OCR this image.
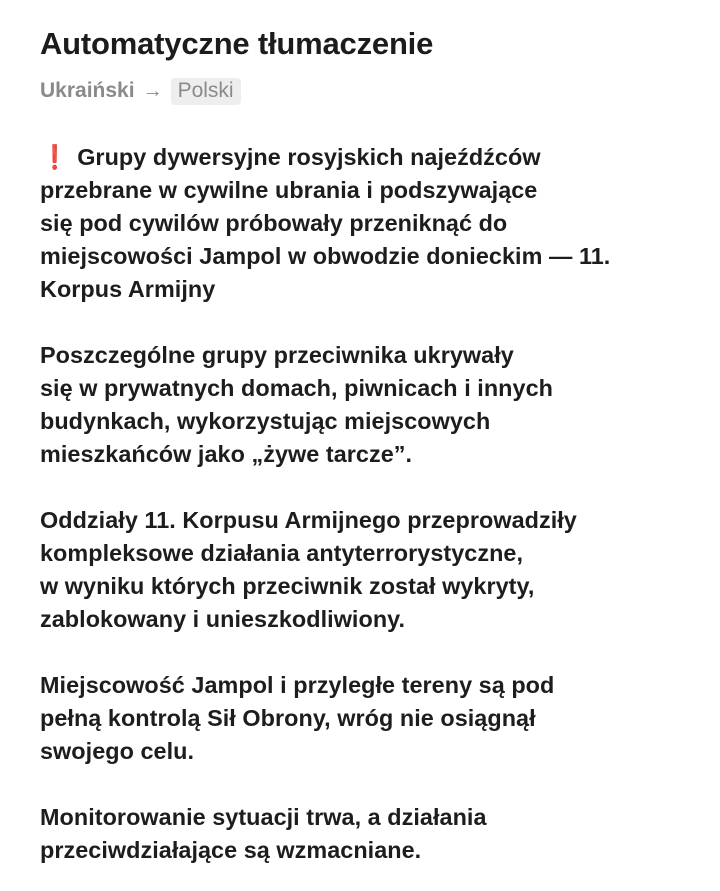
Automatyczne tłumaczenie
Ukraiński → Polski

❗ Grupy dywersyjne rosyjskich najeźdźców
przebrane w cywilne ubrania i podszywające
się pod cywilów próbowały przeniknąć do
miejscowości Jampol w obwodzie donieckim — 11.
Korpus Armijny

Poszczególne grupy przeciwnika ukrywały
się w prywatnych domach, piwnicach i innych
budynkach, wykorzystując miejscowych
mieszkańców jako „żywe tarcze”.

Oddziały 11. Korpusu Armijnego przeprowadziły
kompleksowe działania antyterrorystyczne,
w wyniku których przeciwnik został wykryty,
zablokowany i unieszkodliwiony.

Miejscowość Jampol i przyległe tereny są pod
pełną kontrolą Sił Obrony, wróg nie osiągnął
swojego celu.

Monitorowanie sytuacji trwa, a działania
przeciwdziałające są wzmacniane.
